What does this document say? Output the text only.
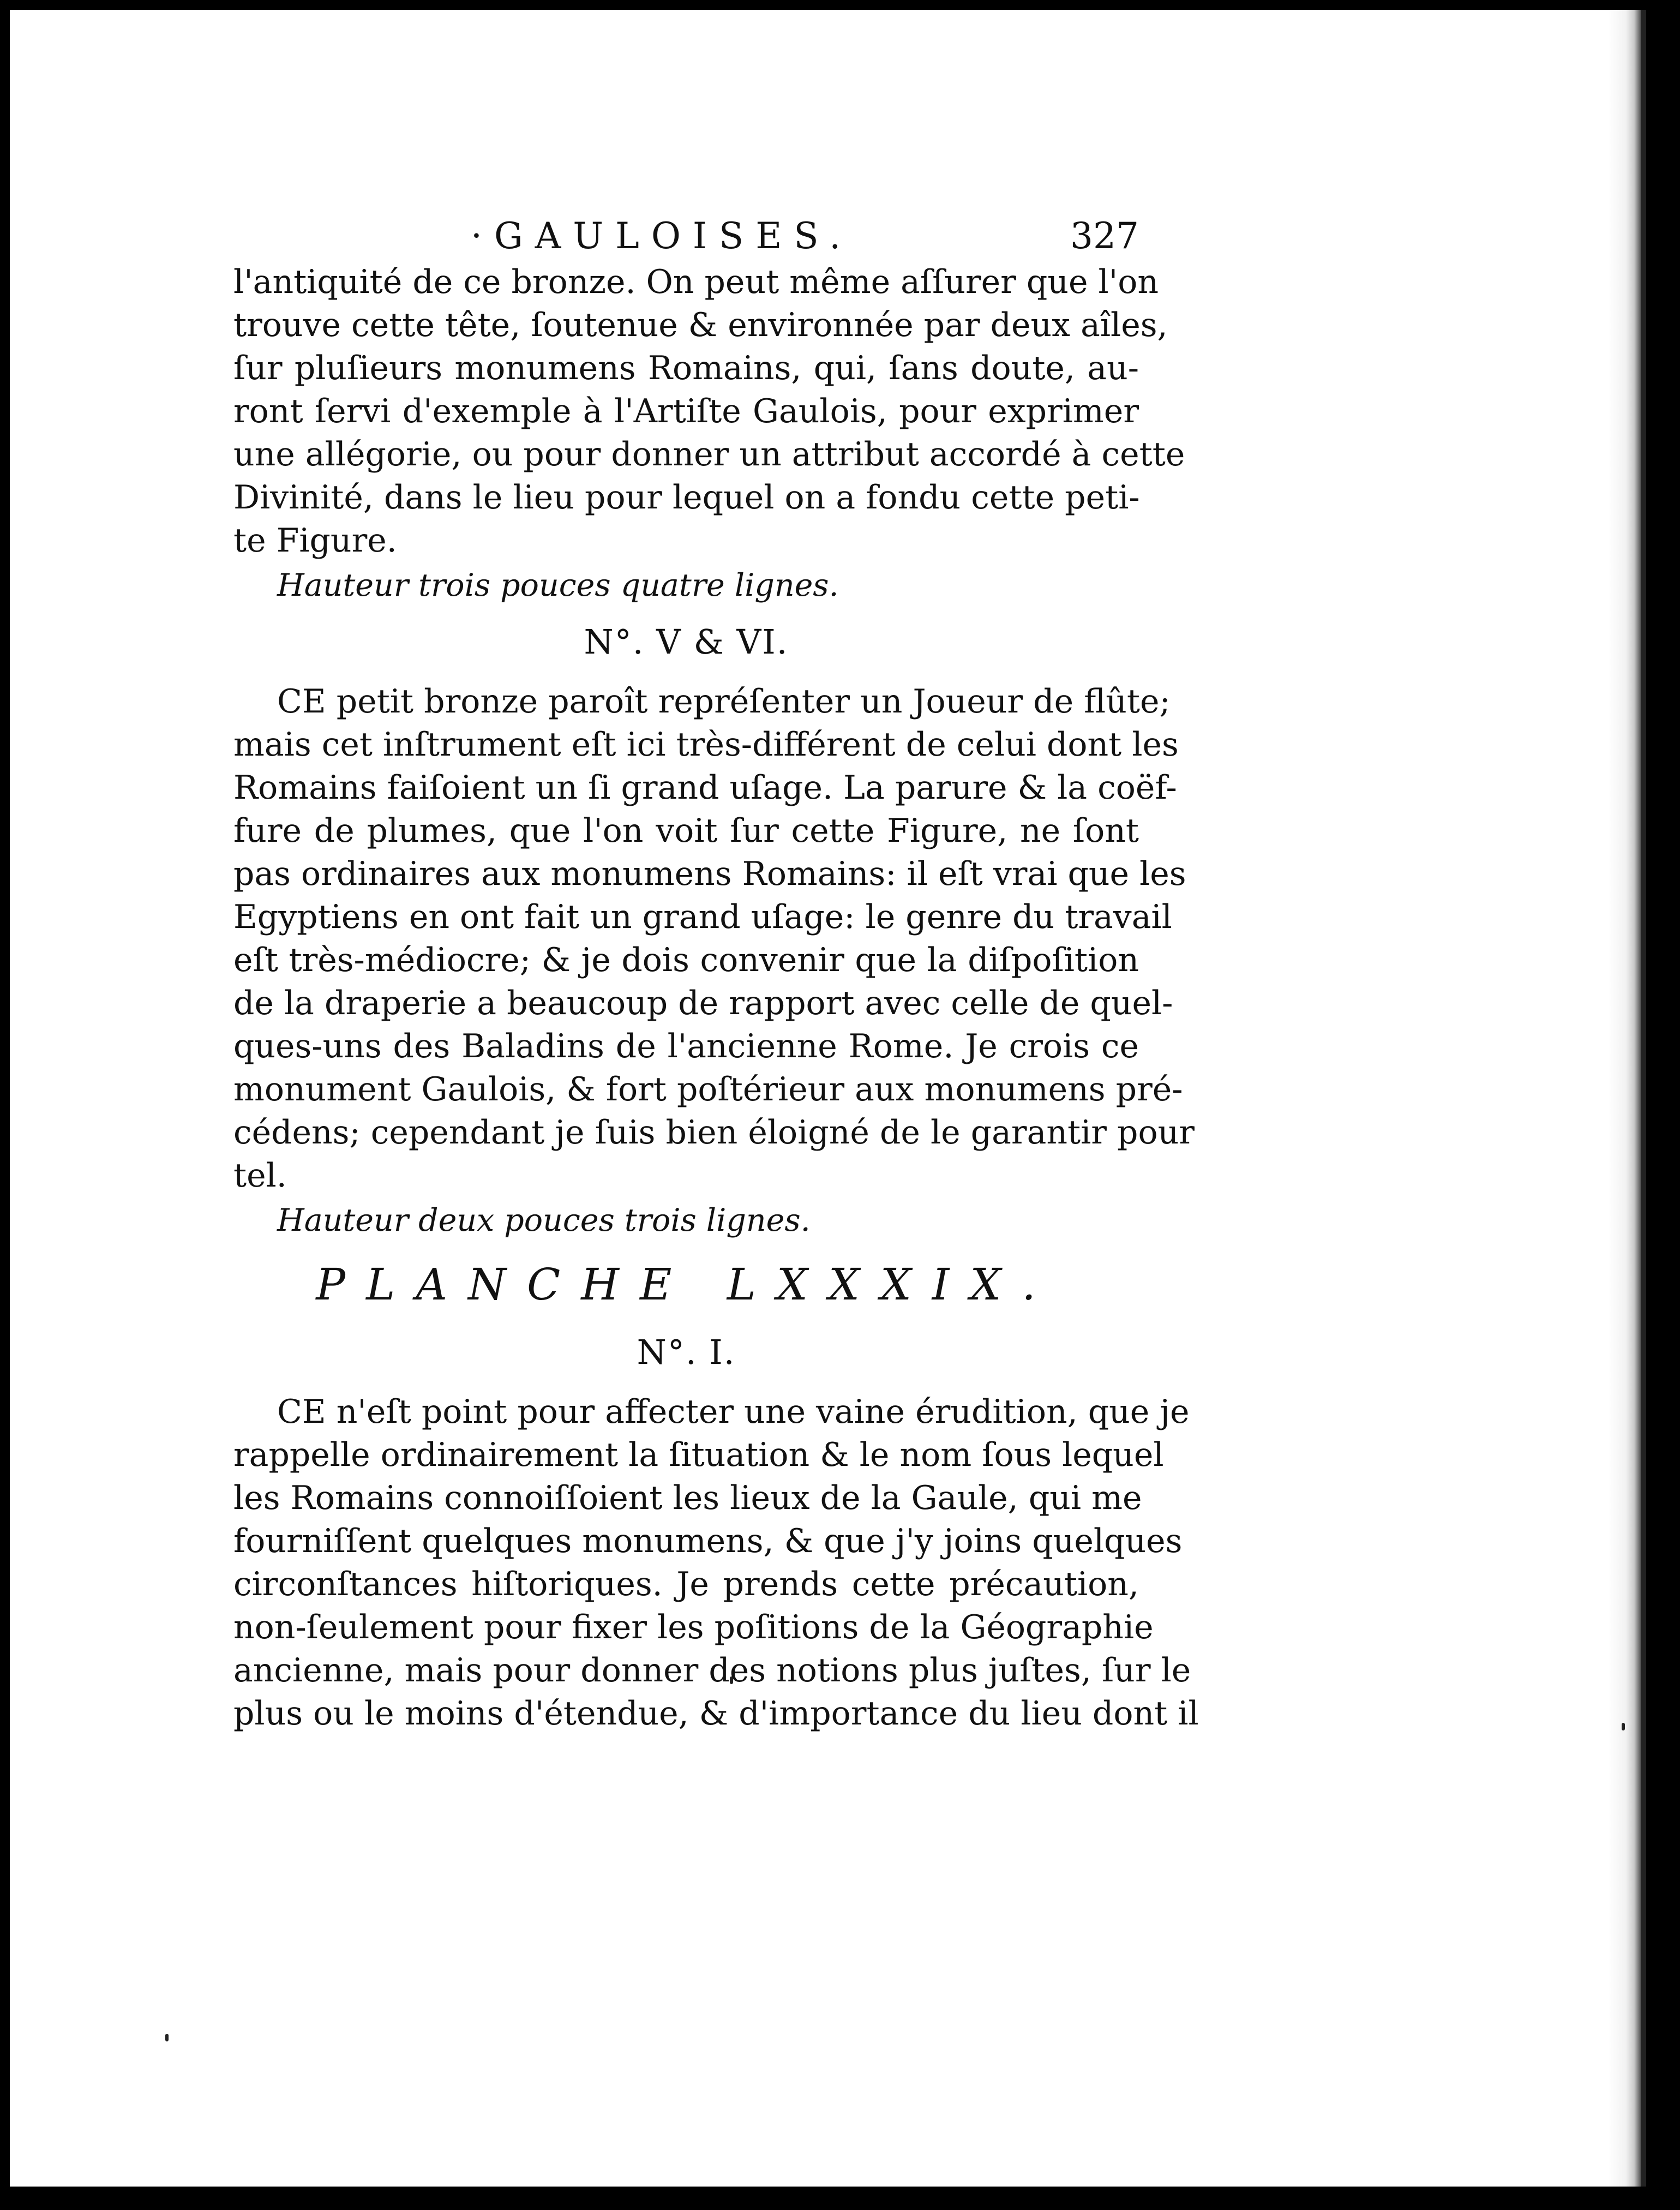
·GAULOISES.	327
l'antiquité de ce bronze. On peut même aſſurer que l'on
trouve cette tête, ſoutenue & environnée par deux aîles,
ſur pluſieurs monumens Romains, qui, ſans doute, au-
ront ſervi d'exemple à l'Artiſte Gaulois, pour exprimer
une allégorie, ou pour donner un attribut accordé à cette
Divinité, dans le lieu pour lequel on a fondu cette peti-
te Figure.
Hauteur trois pouces quatre lignes.
N°. V & VI.
CE petit bronze paroît repréſenter un Joueur de flûte;
mais cet inſtrument eſt ici très-différent de celui dont les
Romains faiſoient un ſi grand uſage. La parure & la coëf-
fure de plumes, que l'on voit ſur cette Figure, ne ſont
pas ordinaires aux monumens Romains: il eſt vrai que les
Egyptiens en ont fait un grand uſage: le genre du travail
eſt très-médiocre; & je dois convenir que la diſpoſition
de la draperie a beaucoup de rapport avec celle de quel-
ques-uns des Baladins de l'ancienne Rome. Je crois ce
monument Gaulois, & fort poſtérieur aux monumens pré-
cédens; cependant je ſuis bien éloigné de le garantir pour
tel.
Hauteur deux pouces trois lignes.
PLANCHE LXXXIX.
N°. I.
CE n'eſt point pour affecter une vaine érudition, que je
rappelle ordinairement la ſituation & le nom ſous lequel
les Romains connoiſſoient les lieux de la Gaule, qui me
fourniſſent quelques monumens, & que j'y joins quelques
circonſtances hiſtoriques. Je prends cette précaution,
non-ſeulement pour fixer les poſitions de la Géographie
ancienne, mais pour donner des notions plus juſtes, ſur le
plus ou le moins d'étendue, & d'importance du lieu dont il
